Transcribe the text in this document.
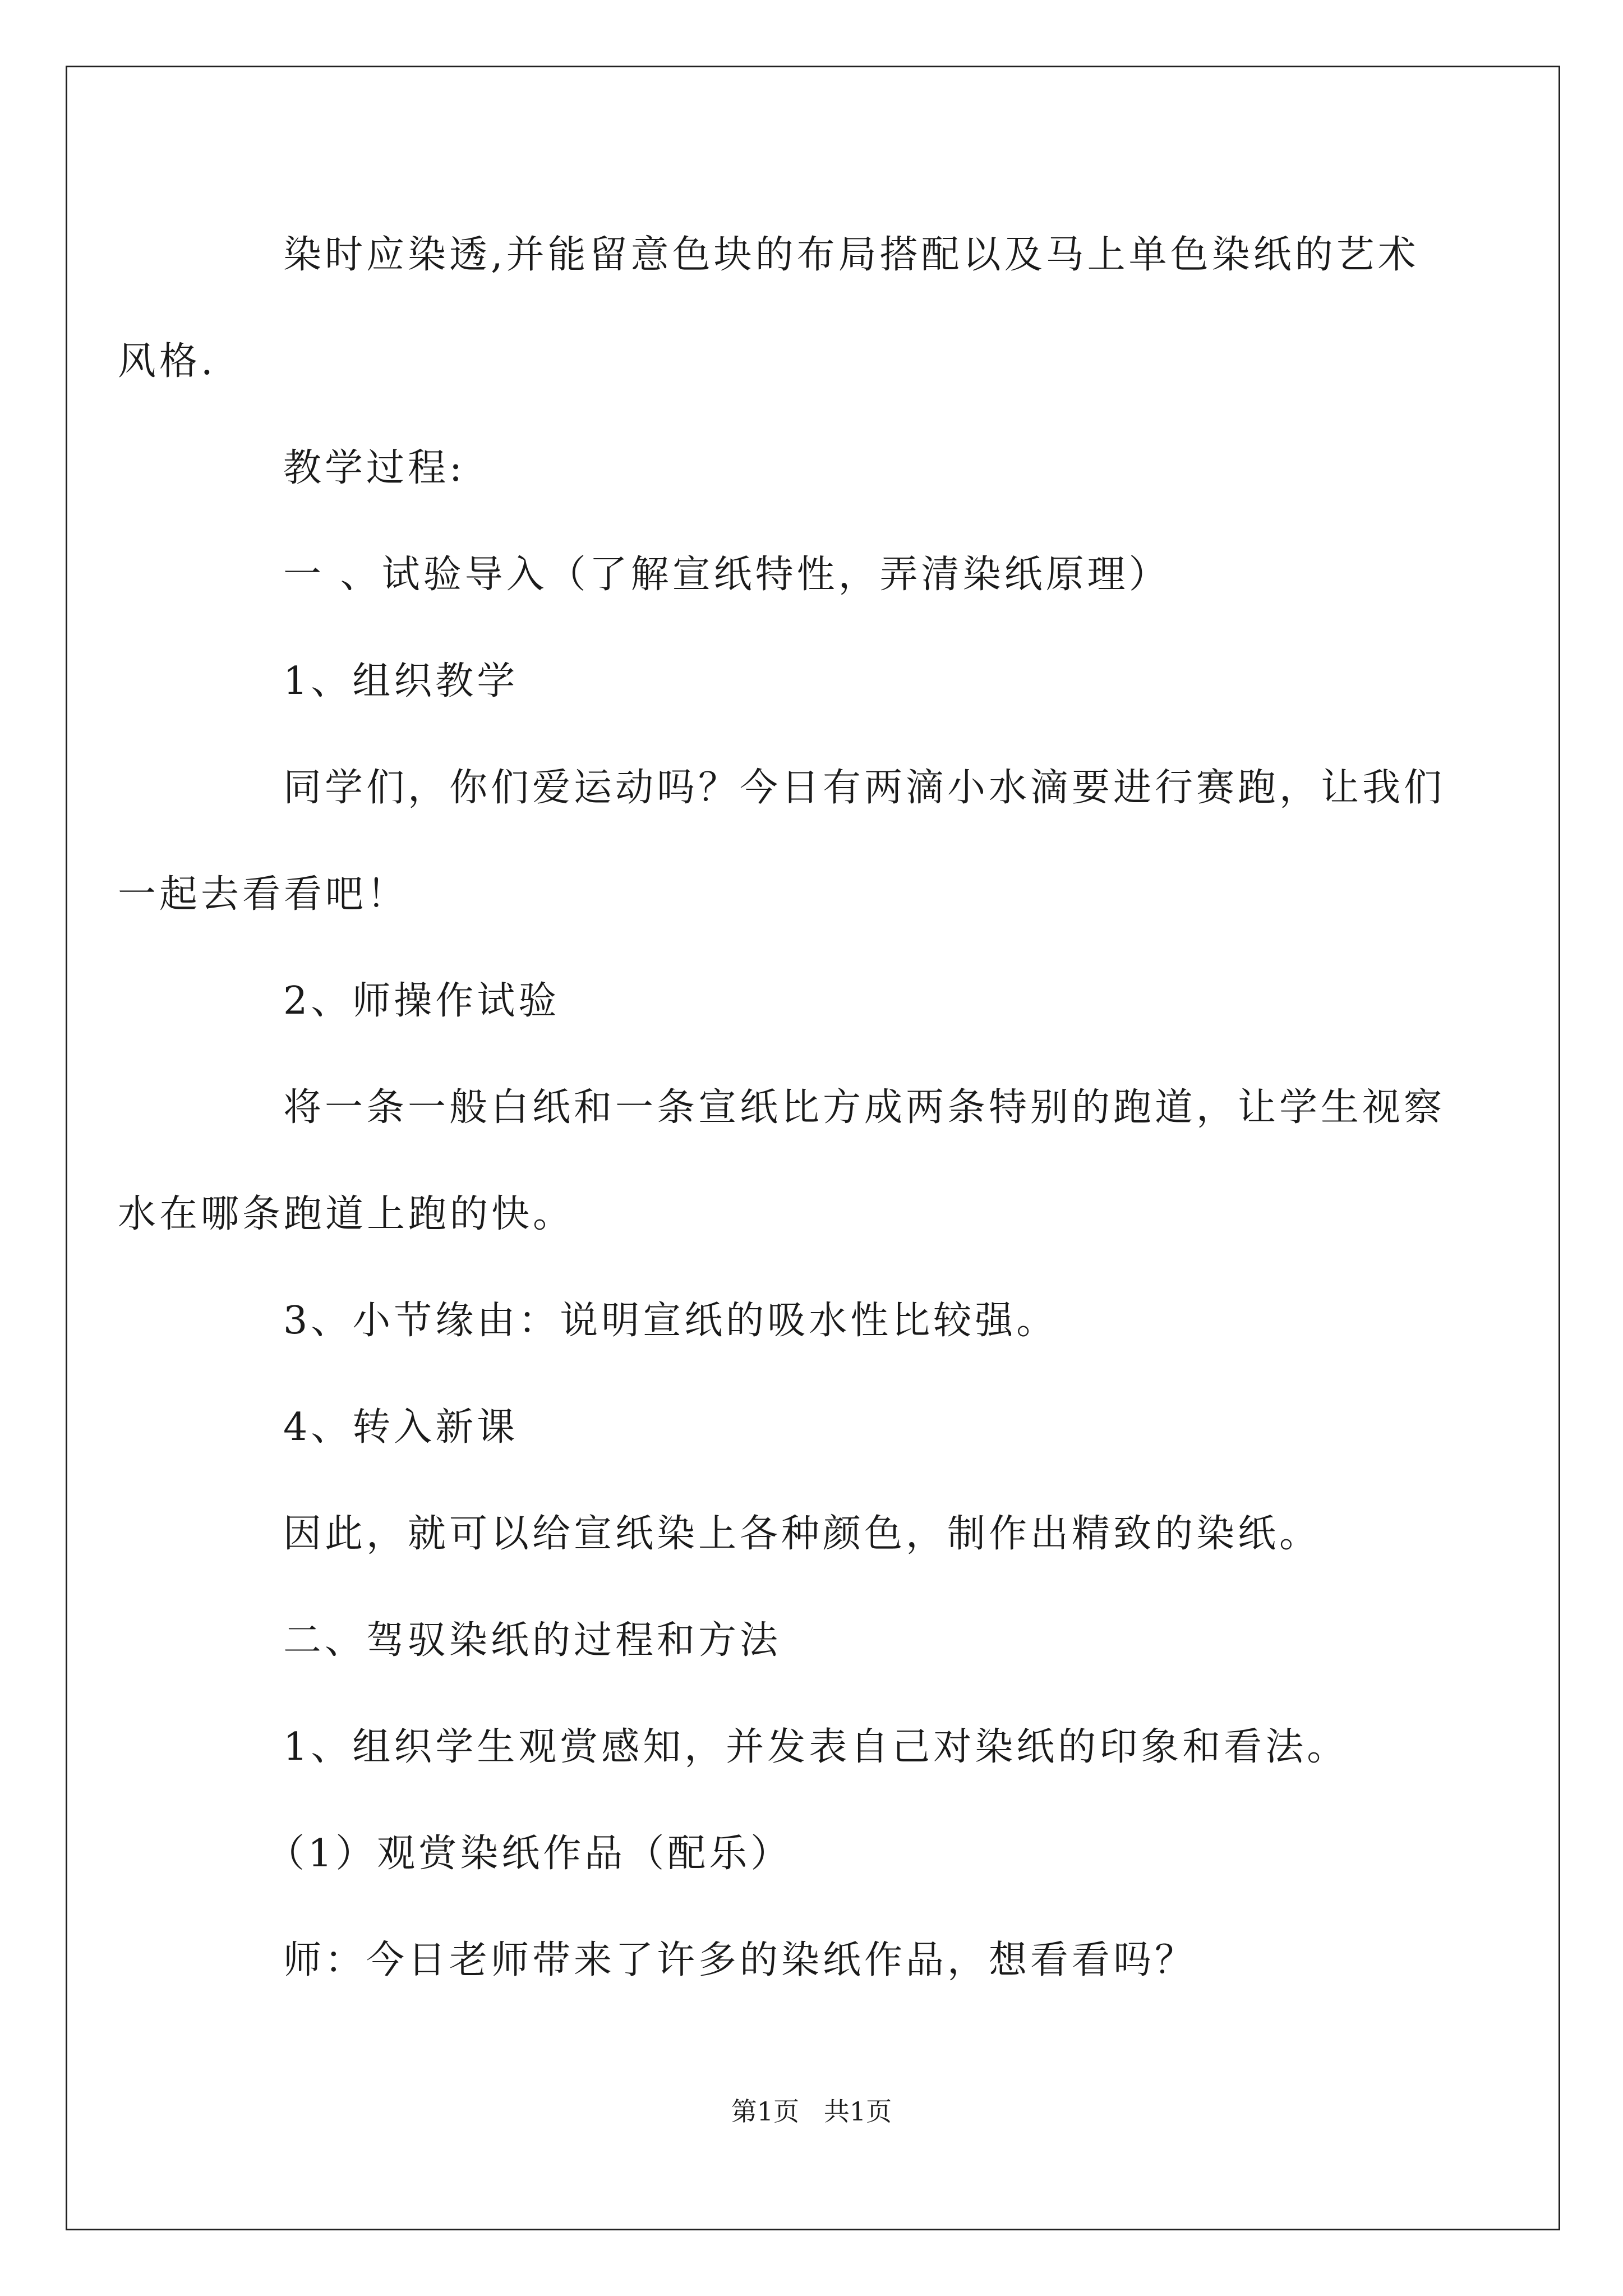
染时应染透,并能留意色块的布局搭配以及马上单色染纸的艺术

风格.

教学过程:

一 、试验导入（了解宣纸特性，弄清染纸原理）

1、组织教学

同学们，你们爱运动吗？今日有两滴小水滴要进行赛跑，让我们

一起去看看吧！

2、师操作试验

将一条一般白纸和一条宣纸比方成两条特别的跑道，让学生视察

水在哪条跑道上跑的快。

3、小节缘由：说明宣纸的吸水性比较强。

4、转入新课

因此，就可以给宣纸染上各种颜色，制作出精致的染纸。

二、驾驭染纸的过程和方法

1、组织学生观赏感知，并发表自己对染纸的印象和看法。

（1）观赏染纸作品（配乐）

师：今日老师带来了许多的染纸作品，想看看吗？

第1页   共1页
